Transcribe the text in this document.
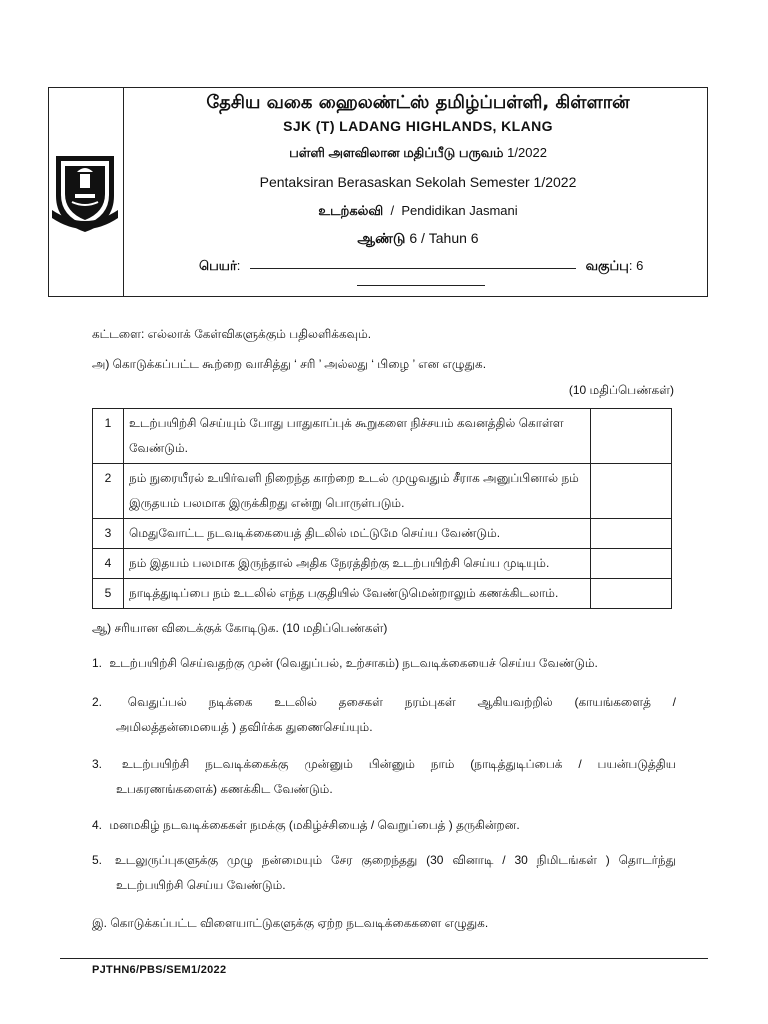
தேசிய வகை ஹைலண்ட்ஸ் தமிழ்ப்பள்ளி, கிள்ளான்
SJK (T) LADANG HIGHLANDS, KLANG
பள்ளி அளவிலான மதிப்பீடு பருவம் 1/2022
Pentaksiran Berasaskan Sekolah Semester 1/2022
உடற்கல்வி / Pendidikan Jasmani
ஆண்டு 6 / Tahun 6
பெயர்:	வகுப்பு: 6
கட்டளை: எல்லாக் கேள்விகளுக்கும் பதிலளிக்கவும்.
அ) கொடுக்கப்பட்ட கூற்றை வாசித்து ‘ சரி ’ அல்லது ‘ பிழை ’ என எழுதுக.
(10 மதிப்பெண்கள்)
1	உடற்பயிற்சி செய்யும் போது பாதுகாப்புக் கூறுகளை நிச்சயம் கவனத்தில் கொள்ள வேண்டும்.	
2	நம் நுரையீரல் உயிர்வளி நிறைந்த காற்றை உடல் முழுவதும் சீராக அனுப்பினால் நம் இருதயம் பலமாக இருக்கிறது என்று பொருள்படும்.	
3	மெதுவோட்ட நடவடிக்கையைத் திடலில் மட்டுமே செய்ய வேண்டும்.	
4	நம் இதயம் பலமாக இருந்தால் அதிக நேரத்திற்கு உடற்பயிற்சி செய்ய முடியும்.	
5	நாடித்துடிப்பை நம் உடலில் எந்த பகுதியில் வேண்டுமென்றாலும் கணக்கிடலாம்.	
ஆ) சரியான விடைக்குக் கோடிடுக. (10 மதிப்பெண்கள்)
1. உடற்பயிற்சி செய்வதற்கு முன் (வெதுப்பல், உற்சாகம்) நடவடிக்கையைச் செய்ய வேண்டும்.
2. வெதுப்பல் நடிக்கை உடலில் தசைகள் நரம்புகள் ஆகியவற்றில் (காயங்களைத் /
அமிலத்தன்மையைத் ) தவிர்க்க துணைசெய்யும்.
3. உடற்பயிற்சி நடவடிக்கைக்கு முன்னும் பின்னும் நாம் (நாடித்துடிப்பைக் / பயன்படுத்திய
உபகரணங்களைக்) கணக்கிட வேண்டும்.
4. மனமகிழ் நடவடிக்கைகள் நமக்கு (மகிழ்ச்சியைத் / வெறுப்பைத் ) தருகின்றன.
5. உடலுருப்புகளுக்கு முழு நன்மையும் சேர குறைந்தது (30 வினாடி / 30 நிமிடங்கள் ) தொடர்ந்து
உடற்பயிற்சி செய்ய வேண்டும்.
இ. கொடுக்கப்பட்ட விளையாட்டுகளுக்கு ஏற்ற நடவடிக்கைகளை எழுதுக.
PJTHN6/PBS/SEM1/2022
